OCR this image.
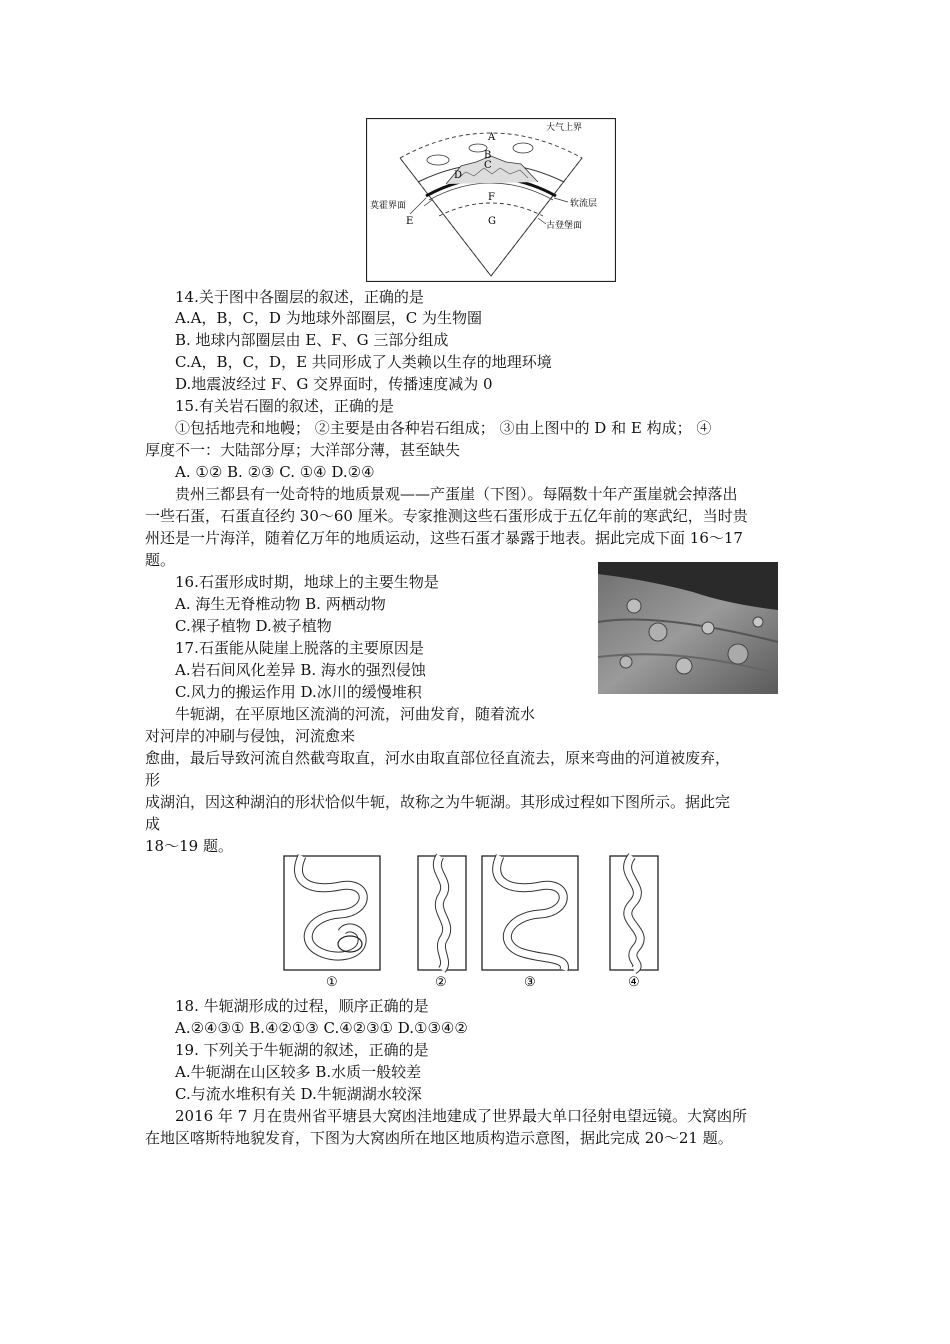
A
B
C
D
E
F
G
大气上界
莫霍界面	软流层
古登堡面
14.关于图中各圈层的叙述，正确的是
A.A，B，C，D 为地球外部圈层，C 为生物圈
B. 地球内部圈层由 E、F、G 三部分组成
C.A，B，C，D，E 共同形成了人类赖以生存的地理环境
D.地震波经过 F、G 交界面时，传播速度减为 0
15.有关岩石圈的叙述，正确的是
①包括地壳和地幔； ②主要是由各种岩石组成； ③由上图中的 D 和 E 构成； ④
厚度不一：大陆部分厚；大洋部分薄，甚至缺失
A. ①② B. ②③ C. ①④ D.②④
贵州三都县有一处奇特的地质景观——产蛋崖（下图）。每隔数十年产蛋崖就会掉落出
一些石蛋，石蛋直径约 30～60 厘米。专家推测这些石蛋形成于五亿年前的寒武纪，当时贵
州还是一片海洋，随着亿万年的地质运动，这些石蛋才暴露于地表。据此完成下面 16～17
题。
16.石蛋形成时期，地球上的主要生物是
A. 海生无脊椎动物 B. 两栖动物
C.裸子植物 D.被子植物
17.石蛋能从陡崖上脱落的主要原因是
A.岩石间风化差异 B. 海水的强烈侵蚀
C.风力的搬运作用 D.冰川的缓慢堆积
牛轭湖，在平原地区流淌的河流，河曲发育，随着流水
对河岸的冲刷与侵蚀，河流愈来
愈曲，最后导致河流自然截弯取直，河水由取直部位径直流去，原来弯曲的河道被废弃，
形
成湖泊，因这种湖泊的形状恰似牛轭，故称之为牛轭湖。其形成过程如下图所示。据此完
成
18～19 题。
①	②	③	④
18. 牛轭湖形成的过程，顺序正确的是
A.②④③① B.④②①③ C.④②③① D.①③④②
19. 下列关于牛轭湖的叙述，正确的是
A.牛轭湖在山区较多 B.水质一般较差
C.与流水堆积有关 D.牛轭湖湖水较深
2016 年 7 月在贵州省平塘县大窝凼洼地建成了世界最大单口径射电望远镜。大窝凼所
在地区喀斯特地貌发育，下图为大窝凼所在地区地质构造示意图，据此完成 20～21 题。
